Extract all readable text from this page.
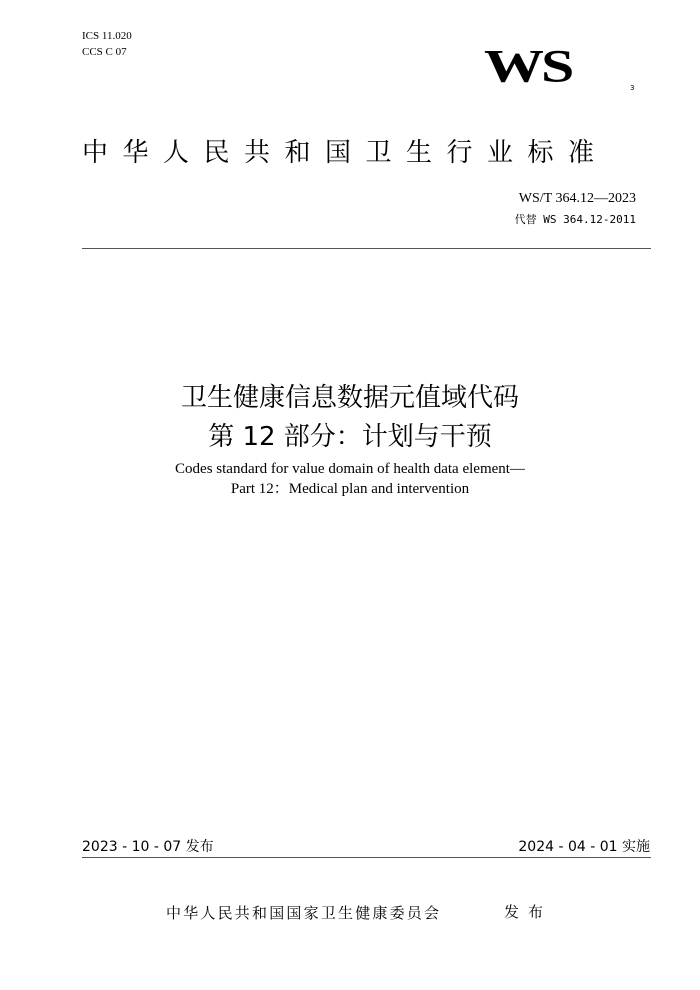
ICS 11.020
CCS C 07	WS	3
中华人民共和国卫生行业标准
WS/T 364.12—2023
代替 WS 364.12-2011
卫生健康信息数据元值域代码
第 12 部分：计划与干预
Codes standard for value domain of health data element—
Part 12：Medical plan and intervention
2023 - 10 - 07 发布	2024 - 04 - 01 实施
中华人民共和国国家卫生健康委员会	发布
